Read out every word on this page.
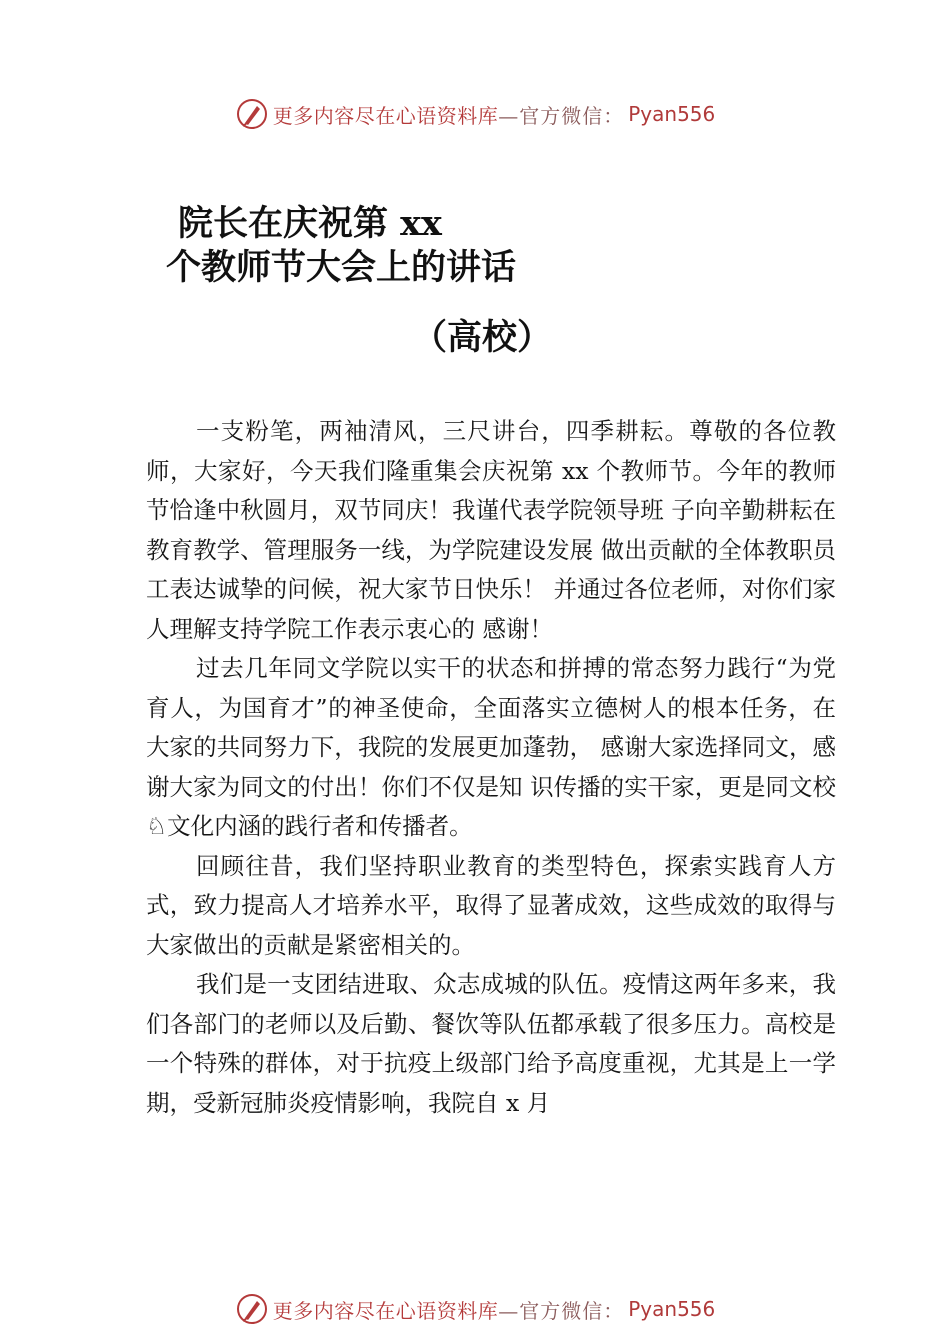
更多内容尽在心语资料库 —官方微信： Pyan556
院长在庆祝第 xx
个教师节大会上的讲话
（高校）

一支粉笔，两袖清风，三尺讲台，四季耕耘。尊敬的各位教师，大家好，今天我们隆重集会庆祝第 xx 个教师节。今年的教师节恰逢中秋圆月，双节同庆！我谨代表学院领导班 子向辛勤耕耘在教育教学、管理服务一线，为学院建设发展 做出贡献的全体教职员工表达诚挚的问候，祝大家节日快乐！ 并通过各位老师，对你们家人理解支持学院工作表示衷心的 感谢！

过去几年同文学院以实干的状态和拼搏的常态努力践行“为党育人，为国育才”的神圣使命，全面落实立德树人的根本任务，在大家的共同努力下，我院的发展更加蓬勃， 感谢大家选择同文，感谢大家为同文的付出！你们不仅是知 识传播的实干家，更是同文校♘文化内涵的践行者和传播者。

回顾往昔，我们坚持职业教育的类型特色，探索实践育人方式，致力提高人才培养水平，取得了显著成效，这些成效的取得与大家做出的贡献是紧密相关的。

我们是一支团结进取、众志成城的队伍。疫情这两年多来，我们各部门的老师以及后勤、餐饮等队伍都承载了很多压力。高校是一个特殊的群体，对于抗疫上级部门给予高度重视，尤其是上一学期，受新冠肺炎疫情影响，我院自 x 月

更多内容尽在心语资料库 —官方微信： Pyan556
